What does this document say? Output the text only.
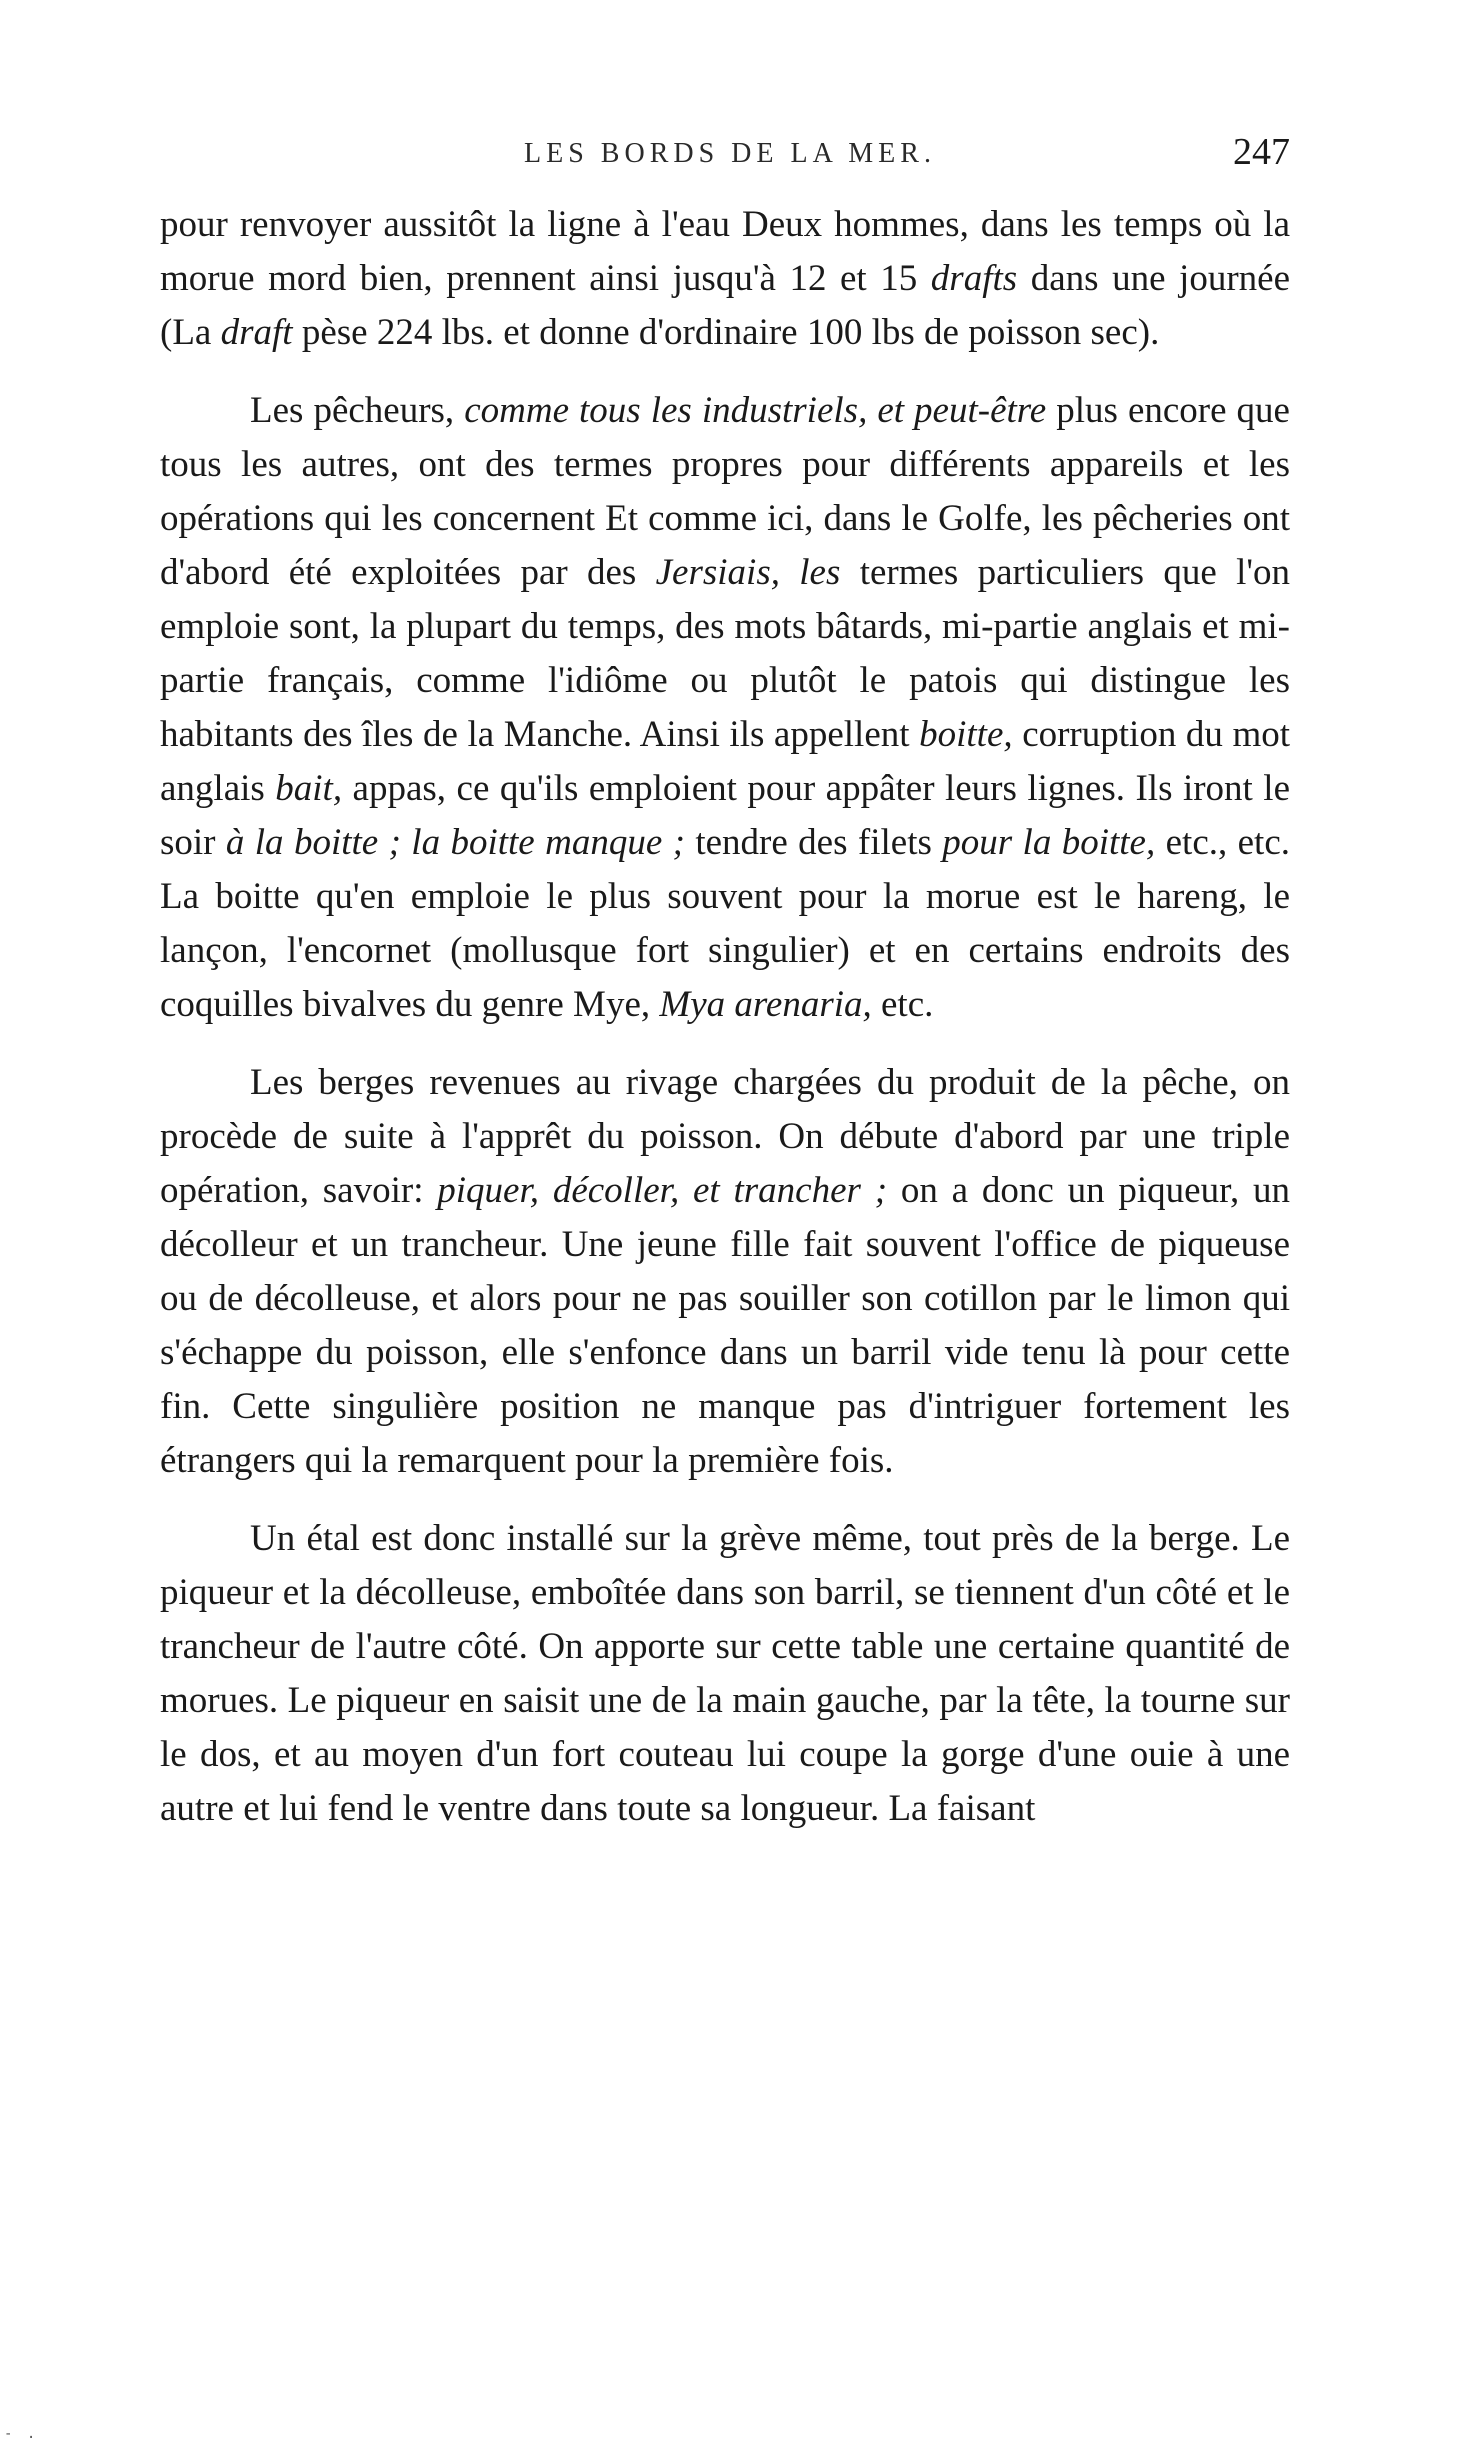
LES BORDS DE LA MER.	247

pour renvoyer aussitôt la ligne à l'eau Deux hommes, dans les temps où la morue mord bien, prennent ainsi jusqu'à 12 et 15 drafts dans une journée (La draft pèse 224 lbs. et donne d'ordinaire 100 lbs de poisson sec).

Les pêcheurs, comme tous les industriels, et peut-être plus encore que tous les autres, ont des termes propres pour différents appareils et les opérations qui les concernent Et comme ici, dans le Golfe, les pêcheries ont d'abord été exploitées par des Jersiais, les termes particuliers que l'on emploie sont, la plupart du temps, des mots bâtards, mi-partie anglais et mi-partie français, comme l'idiôme ou plutôt le patois qui distingue les habitants des îles de la Manche. Ainsi ils appellent boitte, corruption du mot anglais bait, appas, ce qu'ils emploient pour appâter leurs lignes. Ils iront le soir à la boitte ; la boitte manque ; tendre des filets pour la boitte, etc., etc. La boitte qu'en emploie le plus souvent pour la morue est le hareng, le lançon, l'encornet (mollusque fort singulier) et en certains endroits des coquilles bivalves du genre Mye, Mya arenaria, etc.

Les berges revenues au rivage chargées du produit de la pêche, on procède de suite à l'apprêt du poisson. On débute d'abord par une triple opération, savoir: piquer, décoller, et trancher ; on a donc un piqueur, un décolleur et un trancheur. Une jeune fille fait souvent l'office de piqueuse ou de décolleuse, et alors pour ne pas souiller son cotillon par le limon qui s'échappe du poisson, elle s'enfonce dans un barril vide tenu là pour cette fin. Cette singulière position ne manque pas d'intriguer fortement les étrangers qui la remarquent pour la première fois.

Un étal est donc installé sur la grève même, tout près de la berge. Le piqueur et la décolleuse, emboîtée dans son barril, se tiennent d'un côté et le trancheur de l'autre côté. On apporte sur cette table une certaine quantité de morues. Le piqueur en saisit une de la main gauche, par la tête, la tourne sur le dos, et au moyen d'un fort couteau lui coupe la gorge d'une ouie à une autre et lui fend le ventre dans toute sa longueur. La faisant

- .
